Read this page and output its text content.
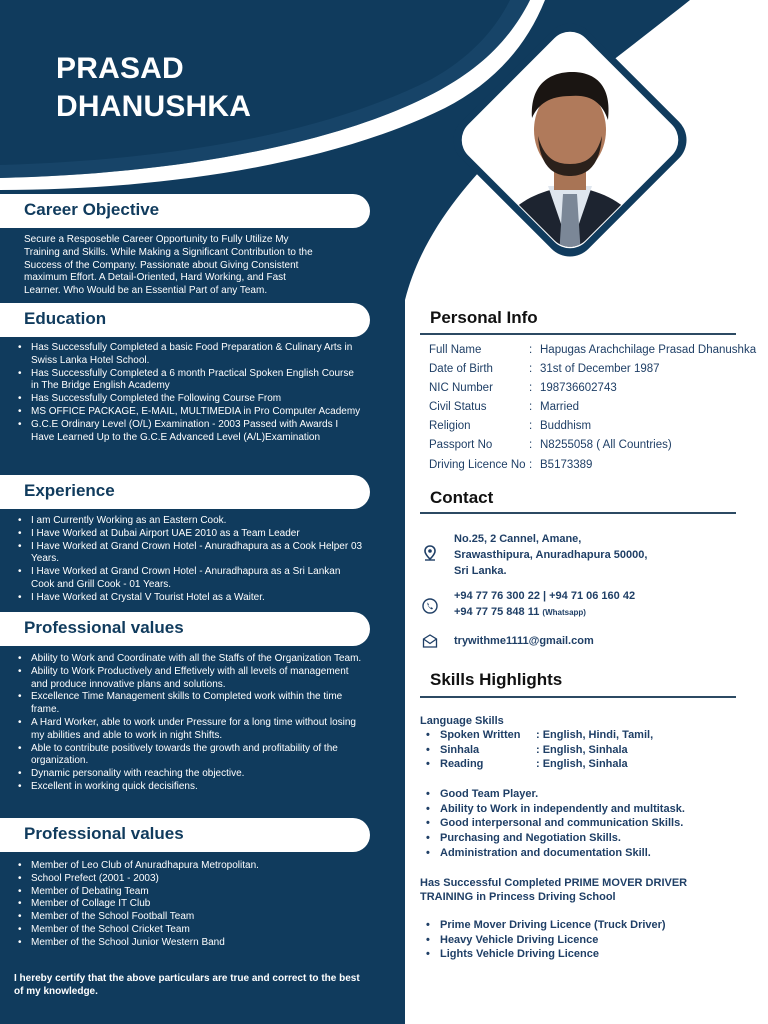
PRASAD
DHANUSHKA
Career Objective
Secure a Resposeble Career Opportunity to Fully Utilize My
Training and Skills. While Making a Significant Contribution to the
Success of the Company. Passionate about Giving Consistent
maximum Effort. A Detail-Oriented, Hard Working, and Fast
Learner. Who Would be an Essential Part of any Team.
Education
• Has Successfully Completed a basic Food Preparation & Culinary Arts in Swiss Lanka Hotel School.
• Has Successfully Completed a 6 month Practical Spoken English Course in The Bridge English Academy
• Has Successfully Completed the Following Course From
• MS OFFICE PACKAGE, E-MAIL, MULTIMEDIA in Pro Computer Academy
• G.C.E Ordinary Level (O/L) Examination - 2003 Passed with Awards I Have Learned Up to the G.C.E Advanced Level (A/L)Examination
Experience
• I am Currently Working as an Eastern Cook.
• I Have Worked at Dubai Airport UAE 2010 as a Team Leader
• I Have Worked at Grand Crown Hotel - Anuradhapura as a Cook Helper 03 Years.
• I Have Worked at Grand Crown Hotel - Anuradhapura as a Sri Lankan Cook and Grill Cook - 01 Years.
• I Have Worked at Crystal V Tourist Hotel as a Waiter.
Professional values
• Ability to Work and Coordinate with all the Staffs of the Organization Team.
• Ability to Work Productively and Effetively with all levels of management and produce innovative plans and solutions.
• Excellence Time Management skills to Completed work within the time frame.
• A Hard Worker, able to work under Pressure for a long time without losing my abilities and able to work in night Shifts.
• Able to contribute positively towards the growth and profitability of the organization.
• Dynamic personality with reaching the objective.
• Excellent in working quick decisifiens.
Professional values
• Member of Leo Club of Anuradhapura Metropolitan.
• School Prefect (2001 - 2003)
• Member of Debating Team
• Member of Collage IT Club
• Member of the School Football Team
• Member of the School Cricket Team
• Member of the School Junior Western Band
I hereby certify that the above particulars are true and correct to the best of my knowledge.
Personal Info
Full Name	: Hapugas Arachchilage Prasad Dhanushka
Date of Birth	: 31st of December 1987
NIC Number	: 198736602743
Civil Status	: Married
Religion	: Buddhism
Passport No	: N8255058 ( All Countries)
Driving Licence No : B5173389
Contact
No.25, 2 Cannel, Amane,
Srawasthipura, Anuradhapura 50000,
Sri Lanka.
+94 77 76 300 22 | +94 71 06 160 42
+94 77 75 848 11 (Whatsapp)
trywithme1111@gmail.com
Skills Highlights
Language Skills
• Spoken Written : English, Hindi, Tamil,
• Sinhala	: English, Sinhala
• Reading	: English, Sinhala
• Good Team Player.
• Ability to Work in independently and multitask.
• Good interpersonal and communication Skills.
• Purchasing and Negotiation Skills.
• Administration and documentation Skill.
Has Successful Completed PRIME MOVER DRIVER
TRAINING in Princess Driving School
• Prime Mover Driving Licence (Truck Driver)
• Heavy Vehicle Driving Licence
• Lights Vehicle Driving Licence
